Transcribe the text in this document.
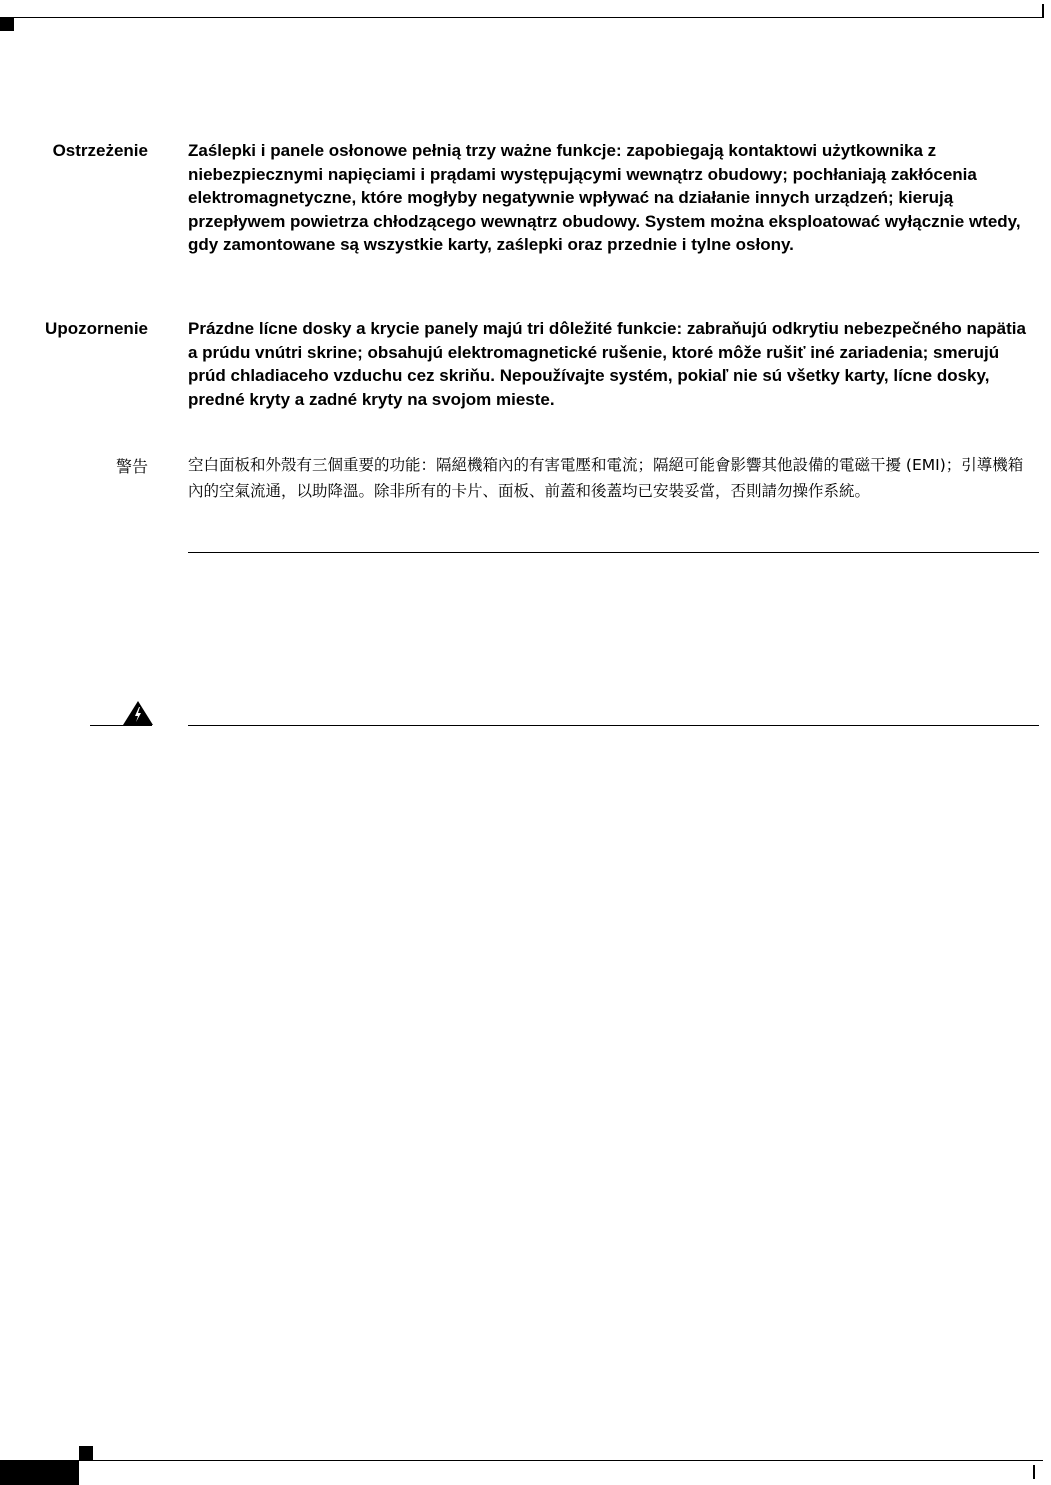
Ostrzeżenie Zaślepki i panele osłonowe pełnią trzy ważne funkcje: zapobiegają kontaktowi użytkownika z niebezpiecznymi napięciami i prądami występującymi wewnątrz obudowy; pochłaniają zakłócenia elektromagnetyczne, które mogłyby negatywnie wpływać na działanie innych urządzeń; kierują przepływem powietrza chłodzącego wewnątrz obudowy. System można eksploatować wyłącznie wtedy, gdy zamontowane są wszystkie karty, zaślepki oraz przednie i tylne osłony.
Upozornenie Prázdne lícne dosky a krycie panely majú tri dôležité funkcie: zabraňujú odkrytiu nebezpečného napätia a prúdu vnútri skrine; obsahujú elektromagnetické rušenie, ktoré môže rušiť iné zariadenia; smerujú prúd chladiaceho vzduchu cez skriňu. Nepoužívajte systém, pokiaľ nie sú všetky karty, lícne dosky, predné kryty a zadné kryty na svojom mieste.
警告	空白面板和外殼有三個重要的功能：隔絕機箱內的有害電壓和電流；隔絕可能會影響其他設備的電磁干擾 (EMI)；引導機箱內的空氣流通，以助降溫。除非所有的卡片、面板、前蓋和後蓋均已安裝妥當，否則請勿操作系統。
